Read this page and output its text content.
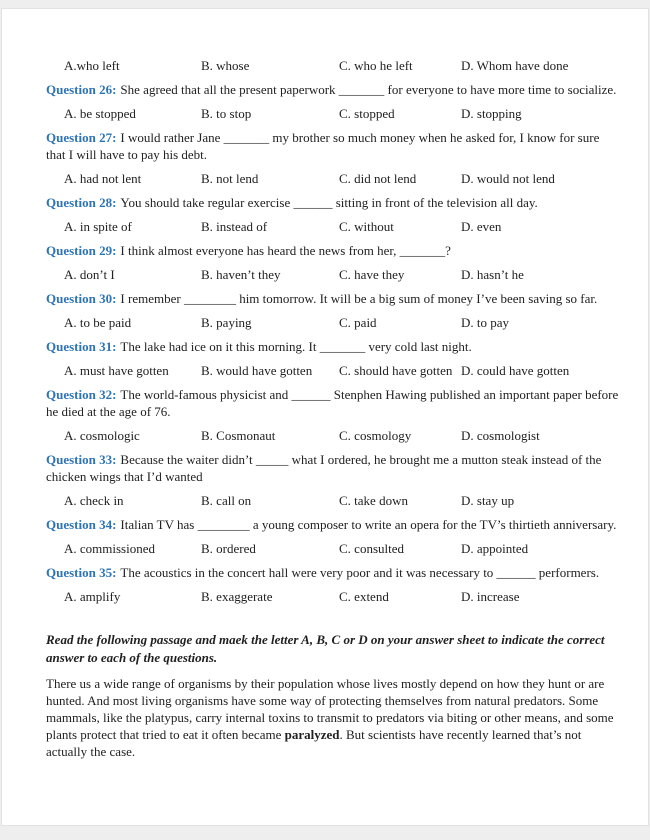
A.who left	B. whose	C. who he left	D. Whom have done

Question 26: She agreed that all the present paperwork _______ for everyone to have more time to socialize.

A. be stopped	B. to stop	C. stopped	D. stopping

Question 27: I would rather Jane _______ my brother so much money when he asked for, I know for sure that I will have to pay his debt.

A. had not lent	B. not lend	C. did not lend	D. would not lend

Question 28: You should take regular exercise ______ sitting in front of the television all day.

A. in spite of	B. instead of	C. without	D. even

Question 29: I think almost everyone has heard the news from her, _______?

A. don’t I	B. haven’t they	C. have they	D. hasn’t he

Question 30: I remember ________ him tomorrow. It will be a big sum of money I’ve been saving so far.

A. to be paid	B. paying	C. paid	D. to pay

Question 31: The lake had ice on it this morning. It _______ very cold last night.

A. must have gotten	B. would have gotten	C. should have gotten D. could have gotten

Question 32: The world-famous physicist and ______ Stenphen Hawing published an important paper before he died at the age of 76.

A. cosmologic	B. Cosmonaut	C. cosmology	D. cosmologist

Question 33: Because the waiter didn’t _____ what I ordered, he brought me a mutton steak instead of the chicken wings that I’d wanted

A. check in	B. call on	C. take down	D. stay up

Question 34: Italian TV has ________ a young composer to write an opera for the TV’s thirtieth anniversary.

A. commissioned	B. ordered	C. consulted	D. appointed

Question 35: The acoustics in the concert hall were very poor and it was necessary to ______ performers.

A. amplify	B. exaggerate	C. extend	D. increase

Read the following passage and maek the letter A, B, C or D on your answer sheet to indicate the correct answer to each of the questions.

There us a wide range of organisms by their population whose lives mostly depend on how they hunt or are hunted. And most living organisms have some way of protecting themselves from natural predators. Some mammals, like the platypus, carry internal toxins to transmit to predators via biting or other means, and some plants protect that tried to eat it often became paralyzed. But scientists have recently learned that’s not actually the case.
